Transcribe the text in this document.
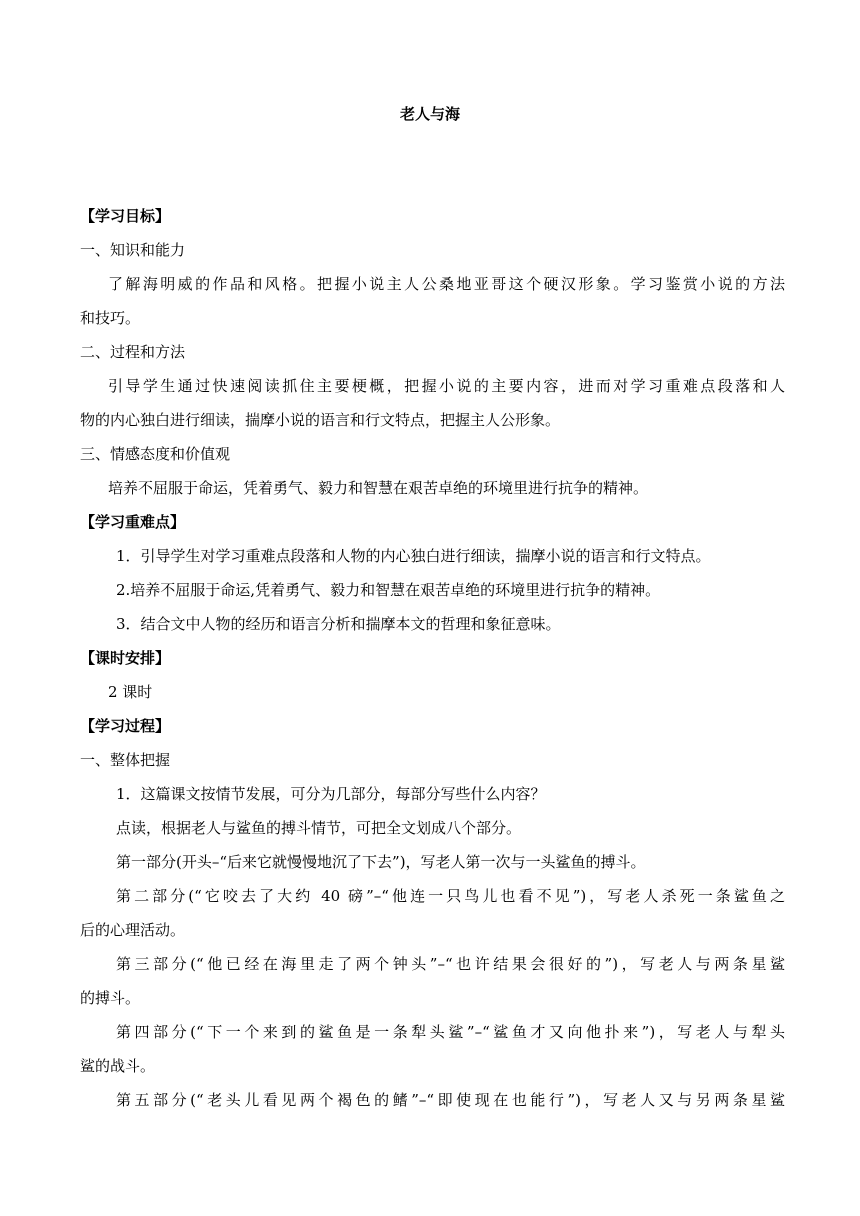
老人与海
【学习目标】
一、知识和能力
了解海明威的作品和风格。把握小说主人公桑地亚哥这个硬汉形象。学习鉴赏小说的方法
和技巧。
二、过程和方法
引导学生通过快速阅读抓住主要梗概，把握小说的主要内容，进而对学习重难点段落和人
物的内心独白进行细读，揣摩小说的语言和行文特点，把握主人公形象。
三、情感态度和价值观
培养不屈服于命运，凭着勇气、毅力和智慧在艰苦卓绝的环境里进行抗争的精神。
【学习重难点】
1．引导学生对学习重难点段落和人物的内心独白进行细读，揣摩小说的语言和行文特点。
2.培养不屈服于命运,凭着勇气、毅力和智慧在艰苦卓绝的环境里进行抗争的精神。
3．结合文中人物的经历和语言分析和揣摩本文的哲理和象征意味。
【课时安排】
2 课时
【学习过程】
一、整体把握
1．这篇课文按情节发展，可分为几部分，每部分写些什么内容？
点读，根据老人与鲨鱼的搏斗情节，可把全文划成八个部分。
第一部分(开头–“后来它就慢慢地沉了下去”)，写老人第一次与一头鲨鱼的搏斗。
第二部分(“它咬去了大约 40 磅”–“他连一只鸟儿也看不见”)，写老人杀死一条鲨鱼之
后的心理活动。
第三部分(“他已经在海里走了两个钟头”–“也许结果会很好的”)，写老人与两条星鲨
的搏斗。
第四部分(“下一个来到的鲨鱼是一条犁头鲨”–“鲨鱼才又向他扑来”)，写老人与犁头
鲨的战斗。
第五部分(“老头儿看见两个褐色的鳍”–“即使现在也能行”)，写老人又与另两条星鲨
